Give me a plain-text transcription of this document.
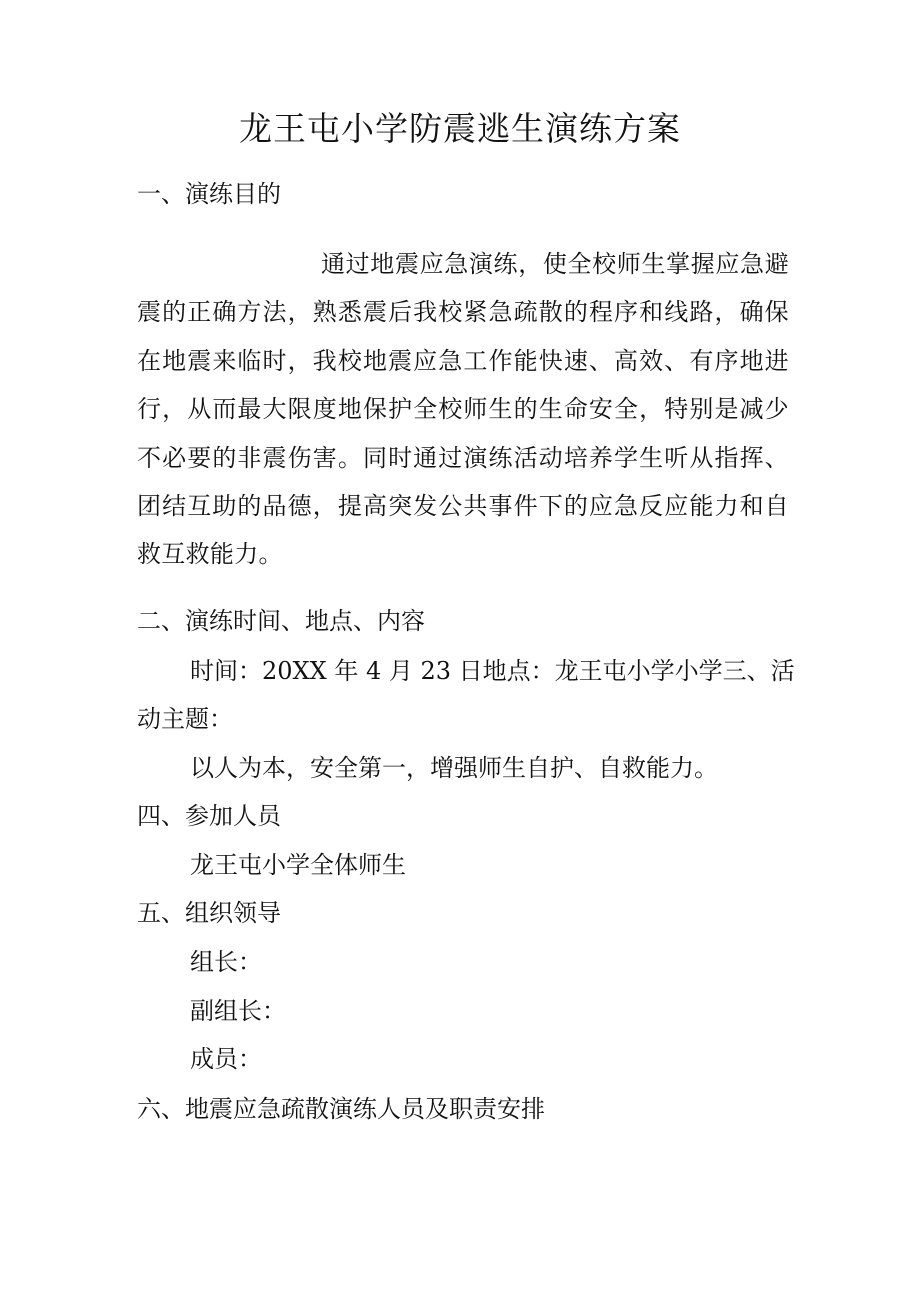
龙王屯小学防震逃生演练方案
一、演练目的
通过地震应急演练，使全校师生掌握应急避震的正确方法，熟悉震后我校紧急疏散的程序和线路，确保在地震来临时，我校地震应急工作能快速、高效、有序地进行，从而最大限度地保护全校师生的生命安全，特别是减少不必要的非震伤害。同时通过演练活动培养学生听从指挥、团结互助的品德，提高突发公共事件下的应急反应能力和自救互救能力。
二、演练时间、地点、内容
时间：20XX 年 4 月 23 日地点：龙王屯小学小学三、活
动主题：
以人为本，安全第一，增强师生自护、自救能力。
四、参加人员
龙王屯小学全体师生
五、组织领导
组长：
副组长：
成员：
六、地震应急疏散演练人员及职责安排
